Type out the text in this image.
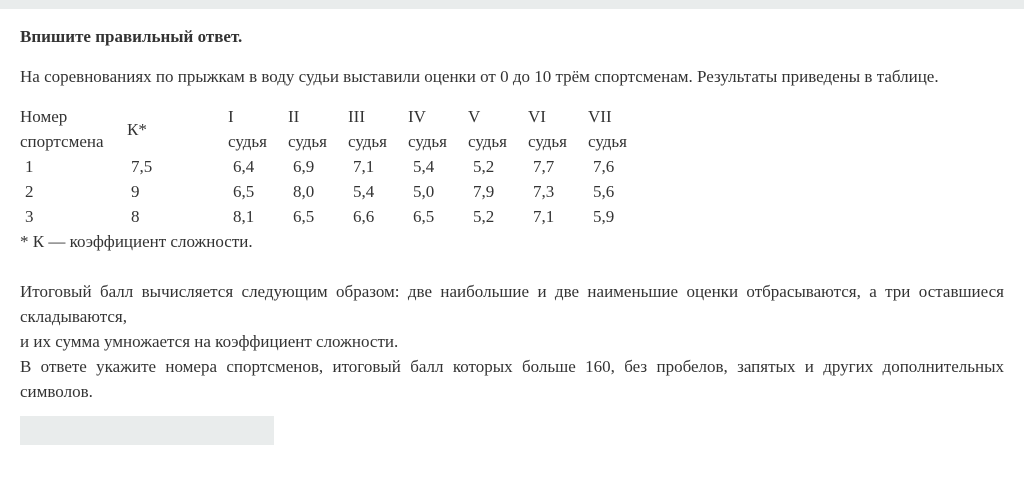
Впишите правильный ответ.
На соревнованиях по прыжкам в воду судьи выставили оценки от 0 до 10 трём спортсменам. Результаты приведены в таблице.
Номер	К*	I	II	III	IV	V	VI	VII
спортсмена		судья	судья	судья	судья	судья	судья	судья
1	7,5	6,4	6,9	7,1	5,4	5,2	7,7	7,6
2	9	6,5	8,0	5,4	5,0	7,9	7,3	5,6
3	8	8,1	6,5	6,6	6,5	5,2	7,1	5,9

* К — коэффициент сложности.

Итоговый балл вычисляется следующим образом: две наибольшие и две наименьшие оценки отбрасываются, а три оставшиеся складываются,

и их сумма умножается на коэффициент сложности.

В ответе укажите номера спортсменов, итоговый балл которых больше 160, без пробелов, запятых и других дополнительных символов.
